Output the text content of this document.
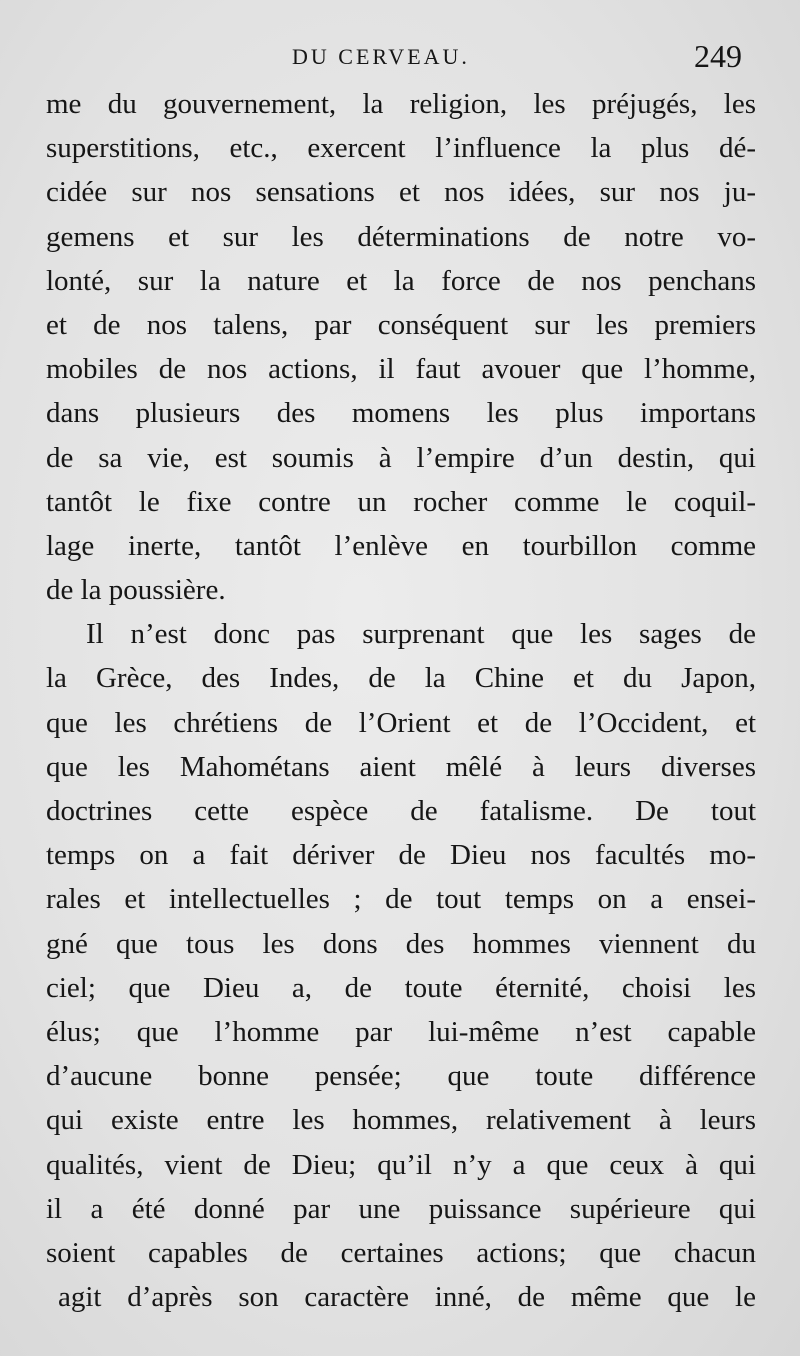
DU CERVEAU.	249
me du gouvernement, la religion, les préjugés, les
superstitions, etc., exercent l’influence la plus dé-
cidée sur nos sensations et nos idées, sur nos ju-
gemens et sur les déterminations de notre vo-
lonté, sur la nature et la force de nos penchans
et de nos talens, par conséquent sur les premiers
mobiles de nos actions, il faut avouer que l’homme,
dans plusieurs des momens les plus importans
de sa vie, est soumis à l’empire d’un destin, qui
tantôt le fixe contre un rocher comme le coquil-
lage inerte, tantôt l’enlève en tourbillon comme
de la poussière.
Il n’est donc pas surprenant que les sages de
la Grèce, des Indes, de la Chine et du Japon,
que les chrétiens de l’Orient et de l’Occident, et
que les Mahométans aient mêlé à leurs diverses
doctrines cette espèce de fatalisme. De tout
temps on a fait dériver de Dieu nos facultés mo-
rales et intellectuelles ; de tout temps on a ensei-
gné que tous les dons des hommes viennent du
ciel; que Dieu a, de toute éternité, choisi les
élus; que l’homme par lui-même n’est capable
d’aucune bonne pensée; que toute différence
qui existe entre les hommes, relativement à leurs
qualités, vient de Dieu; qu’il n’y a que ceux à qui
il a été donné par une puissance supérieure qui
soient capables de certaines actions; que chacun
agit d’après son caractère inné, de même que le
